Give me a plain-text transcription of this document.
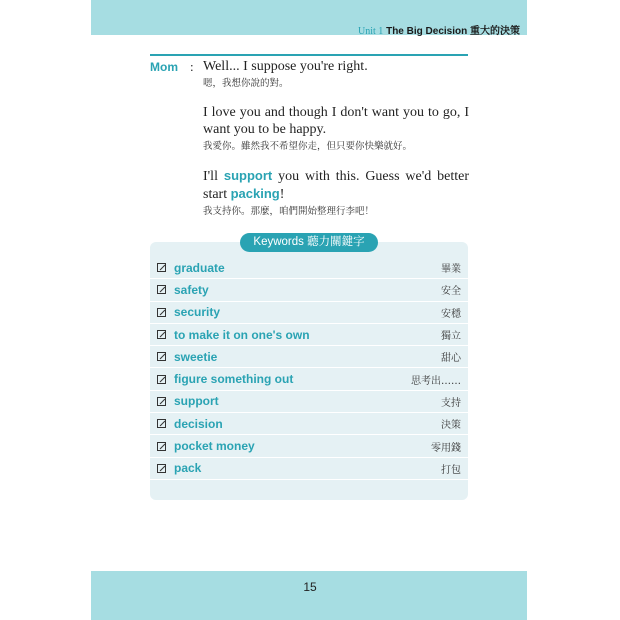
Unit 1 The Big Decision 重大的決策
Mom : Well... I suppose you're right.
嗯，我想你說的對。
I love you and though I don't want you to go, I want you to be happy.
我愛你。雖然我不希望你走，但只要你快樂就好。
I'll support you with this. Guess we'd better start packing!
我支持你。那麼，咱們開始整理行李吧！
Keywords 聽力關鍵字
graduate	畢業
safety	安全
security	安穩
to make it on one's own	獨立
sweetie	甜心
figure something out	思考出……
support	支持
decision	決策
pocket money	零用錢
pack	打包
15
